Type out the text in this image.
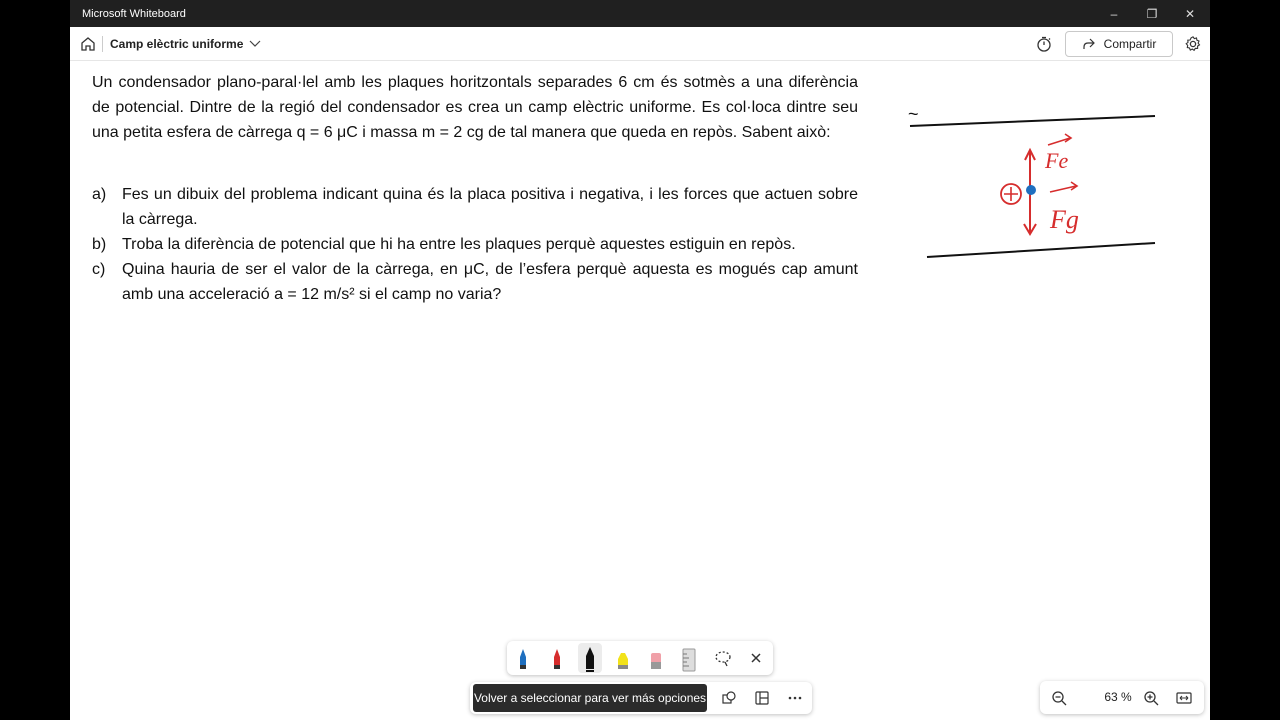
Microsoft Whiteboard	–	❐	✕
Camp elèctric uniforme	Compartir
Un condensador plano-paral·lel amb les plaques horitzontals separades 6 cm és sotmès a una diferència de potencial. Dintre de la regió del condensador es crea un camp elèctric uniforme. Es col·loca dintre seu una petita esfera de càrrega q = 6 μC i massa m = 2 cg de tal manera que queda en repòs. Sabent això:
a) Fes un dibuix del problema indicant quina és la placa positiva i negativa, i les forces que actuen sobre la càrrega.
b) Troba la diferència de potencial que hi ha entre les plaques perquè aquestes estiguin en repòs.
c)	Quina hauria de ser el valor de la càrrega, en μC, de l’esfera perquè aquesta es mogués cap amunt amb una acceleració a = 12 m/s² si el camp no varia?
~
Fe
Fg
Volver a seleccionar para ver más opciones	63 %
